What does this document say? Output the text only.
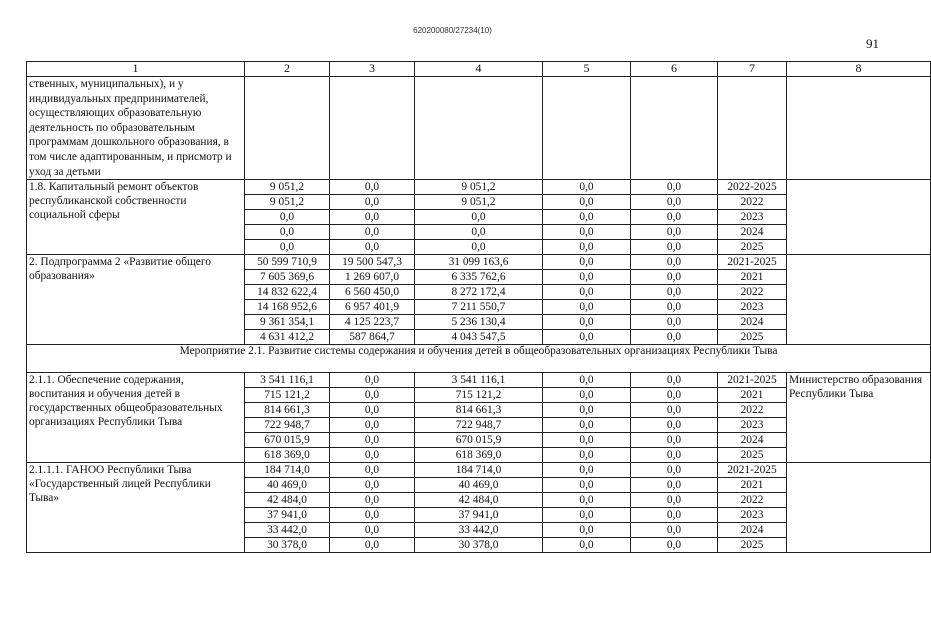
620200080/27234(10)
91
1	2	3	4	5	6	7	8
ственных, муниципальных), и у индивидуальных предпринимателей, осуществляющих образовательную деятельность по образовательным программам дошкольного образования, в том числе адаптированным, и присмотр и уход за детьми							
1.8. Капитальный ремонт объектов республиканской собственности социальной сферы	9 051,2	0,0	9 051,2	0,0	0,0	2022-2025	
	9 051,2	0,0	9 051,2	0,0	0,0	2022	
	0,0	0,0	0,0	0,0	0,0	2023	
	0,0	0,0	0,0	0,0	0,0	2024	
	0,0	0,0	0,0	0,0	0,0	2025	
2. Подпрограмма 2 «Развитие общего образования»	50 599 710,9	19 500 547,3	31 099 163,6	0,0	0,0	2021-2025	
	7 605 369,6	1 269 607,0	6 335 762,6	0,0	0,0	2021	
	14 832 622,4	6 560 450,0	8 272 172,4	0,0	0,0	2022	
	14 168 952,6	6 957 401,9	7 211 550,7	0,0	0,0	2023	
	9 361 354,1	4 125 223,7	5 236 130,4	0,0	0,0	2024	
	4 631 412,2	587 864,7	4 043 547,5	0,0	0,0	2025	
Мероприятие 2.1. Развитие системы содержания и обучения детей в общеобразовательных организациях Республики Тыва							
2.1.1. Обеспечение содержания, воспитания и обучения детей в государственных общеобразовательных организациях Республики Тыва	3 541 116,1	0,0	3 541 116,1	0,0	0,0	2021-2025	Министерство образования Республики Тыва
	715 121,2	0,0	715 121,2	0,0	0,0	2021	
	814 661,3	0,0	814 661,3	0,0	0,0	2022	
	722 948,7	0,0	722 948,7	0,0	0,0	2023	
	670 015,9	0,0	670 015,9	0,0	0,0	2024	
	618 369,0	0,0	618 369,0	0,0	0,0	2025	
2.1.1.1. ГАНОО Республики Тыва «Государственный лицей Республики Тыва»	184 714,0	0,0	184 714,0	0,0	0,0	2021-2025	
	40 469,0	0,0	40 469,0	0,0	0,0	2021	
	42 484,0	0,0	42 484,0	0,0	0,0	2022	
	37 941,0	0,0	37 941,0	0,0	0,0	2023	
	33 442,0	0,0	33 442,0	0,0	0,0	2024	
	30 378,0	0,0	30 378,0	0,0	0,0	2025	
